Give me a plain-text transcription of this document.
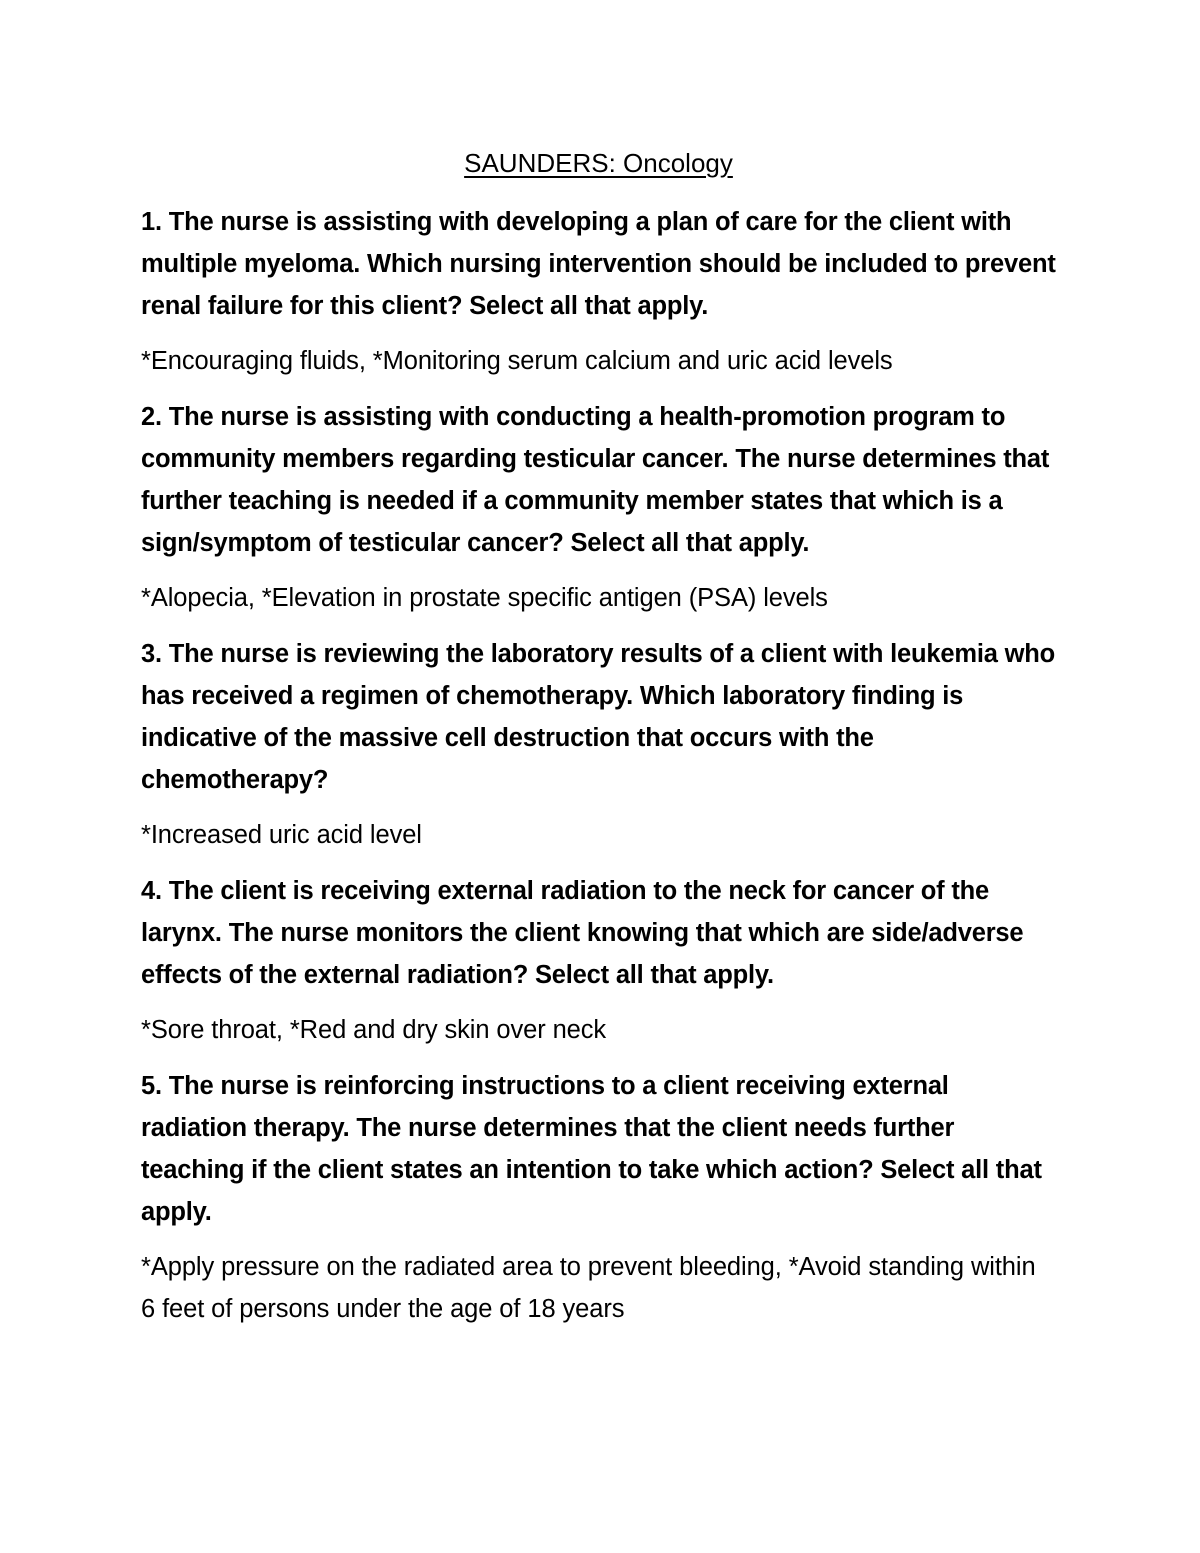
SAUNDERS: Oncology

1. The nurse is assisting with developing a plan of care for the client with multiple myeloma. Which nursing intervention should be included to prevent renal failure for this client? Select all that apply.

*Encouraging fluids, *Monitoring serum calcium and uric acid levels

2. The nurse is assisting with conducting a health-promotion program to community members regarding testicular cancer. The nurse determines that further teaching is needed if a community member states that which is a sign/symptom of testicular cancer? Select all that apply.

*Alopecia, *Elevation in prostate specific antigen (PSA) levels

3. The nurse is reviewing the laboratory results of a client with leukemia who has received a regimen of chemotherapy. Which laboratory finding is indicative of the massive cell destruction that occurs with the chemotherapy?

*Increased uric acid level

4. The client is receiving external radiation to the neck for cancer of the larynx. The nurse monitors the client knowing that which are side/adverse effects of the external radiation? Select all that apply.

*Sore throat, *Red and dry skin over neck

5. The nurse is reinforcing instructions to a client receiving external radiation therapy. The nurse determines that the client needs further teaching if the client states an intention to take which action? Select all that apply.

*Apply pressure on the radiated area to prevent bleeding, *Avoid standing within 6 feet of persons under the age of 18 years
